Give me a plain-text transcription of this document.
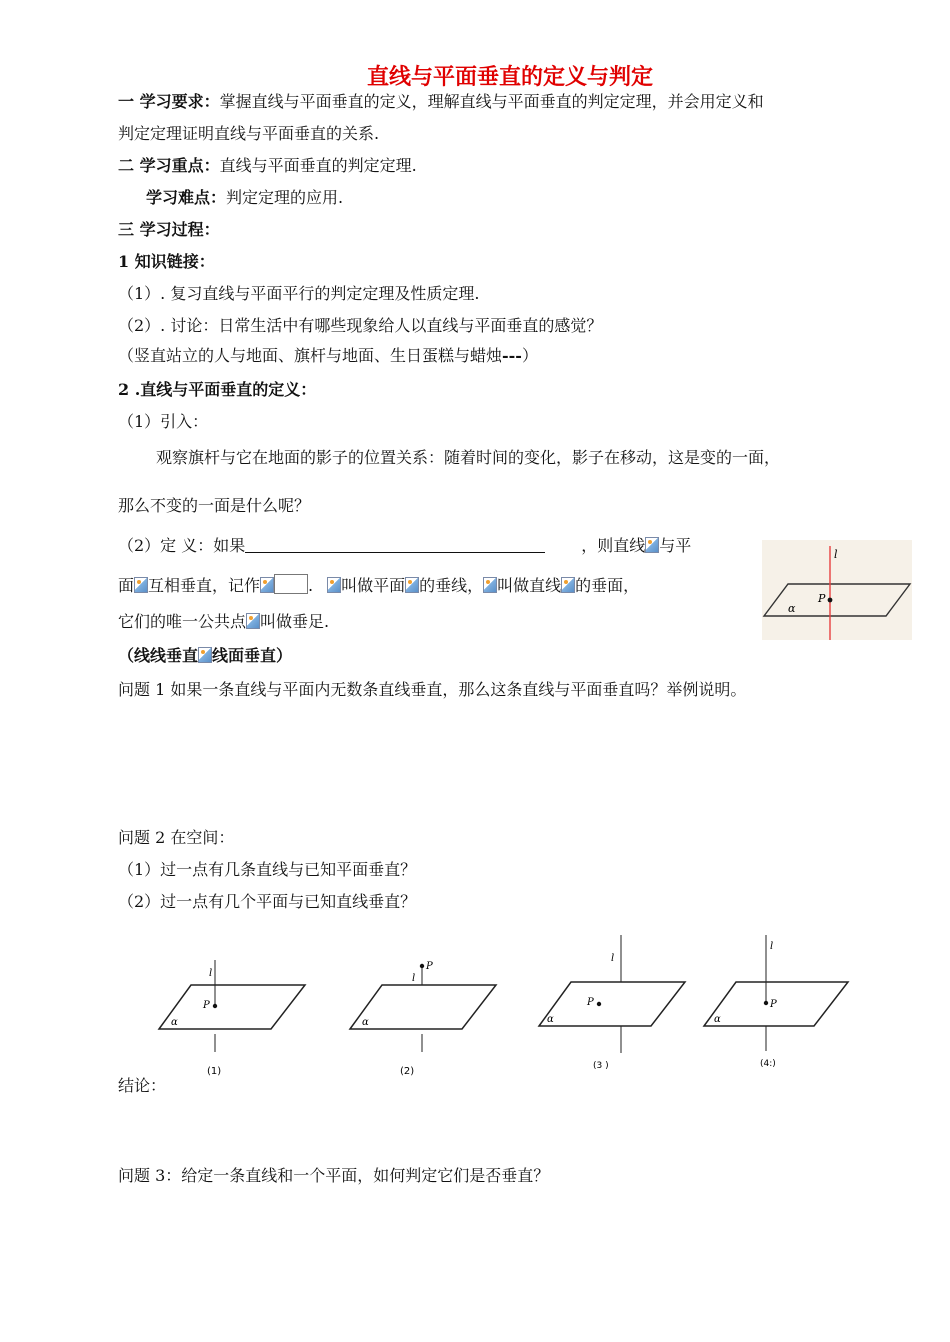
直线与平面垂直的定义与判定
一 学习要求：掌握直线与平面垂直的定义，理解直线与平面垂直的判定定理，并会用定义和
判定定理证明直线与平面垂直的关系.
二 学习重点：直线与平面垂直的判定定理.
学习难点：判定定理的应用.
三 学习过程：
1 知识链接：
（1）. 复习直线与平面平行的判定定理及性质定理.
（2）. 讨论：日常生活中有哪些现象给人以直线与平面垂直的感觉？
（竖直站立的人与地面、旗杆与地面、生日蛋糕与蜡烛---）
2 .直线与平面垂直的定义：
（1）引入：
观察旗杆与它在地面的影子的位置关系：随着时间的变化，影子在移动，这是变的一面，
那么不变的一面是什么呢？
（2）定 义：如果	，则直线 与平
面 互相垂直，记作	. 叫做平面 的垂线， 叫做直线 的垂面，
它们的唯一公共点 叫做垂足.
（线线垂直 线面垂直）
l
P
α
问题 1 如果一条直线与平面内无数条直线垂直，那么这条直线与平面垂直吗？举例说明。
问题 2 在空间：
（1）过一点有几条直线与已知平面垂直？
（2）过一点有几个平面与已知直线垂直？
l
P
α
(1)
P
l
α
(2)
l
P
α
(3 )
l
P
α
(4:)
结论：
问题 3：给定一条直线和一个平面，如何判定它们是否垂直？
